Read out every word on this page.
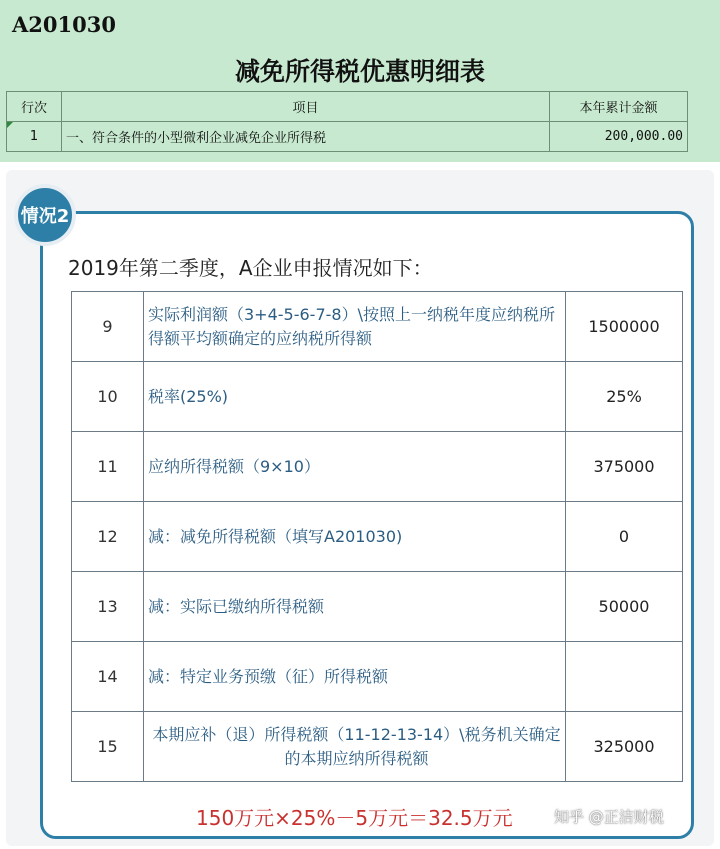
A201030
减免所得税优惠明细表
行次	项目	本年累计金额
1	一、符合条件的小型微利企业减免企业所得税	200,000.00
情况2
2019年第二季度，A企业申报情况如下：
9	实际利润额（3+4-5-6-7-8）\按照上一纳税年度应纳税所得额平均额确定的应纳税所得额	1500000
10	税率(25%)	25%
11	应纳所得税额（9×10）	375000
12	减：减免所得税额（填写A201030)	0
13	减：实际已缴纳所得税额	50000
14	减：特定业务预缴（征）所得税额	
15	本期应补（退）所得税额（11-12-13-14）\税务机关确定的本期应纳所得税额	325000
150万元×25%－5万元＝32.5万元	知乎 @正洁财税
